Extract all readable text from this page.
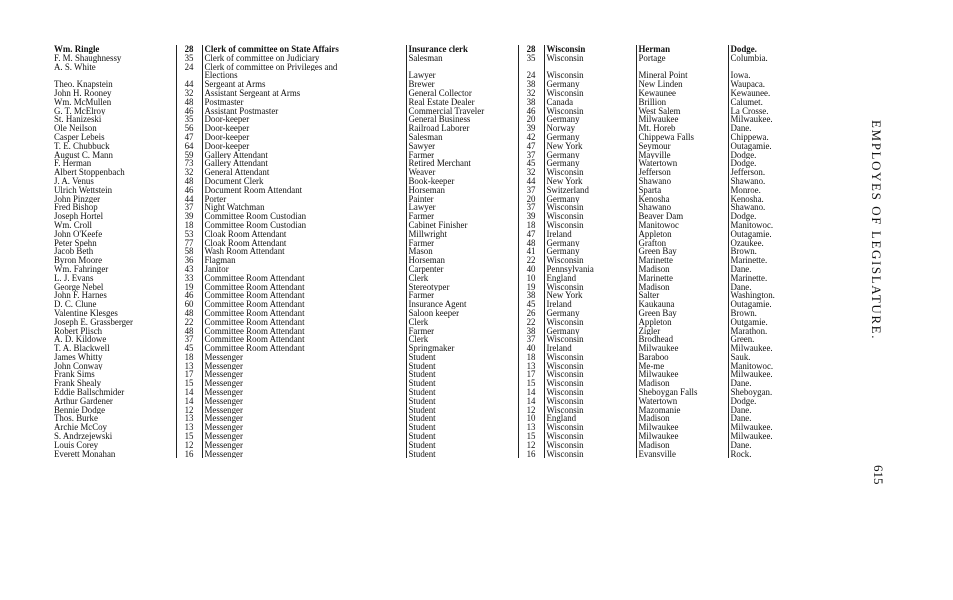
Wm. Ringle	28	Clerk of committee on State Affairs	Insurance clerk	28	Wisconsin	Herman	Dodge.
F. M. Shaughnessy	35	Clerk of committee on Judiciary	Salesman	35	Wisconsin	Portage	Columbia.
A. S. White	24	Clerk of committee on Privileges and					
		Elections	Lawyer	24	Wisconsin	Mineral Point	Iowa.
Theo. Knapstein	44	Sergeant at Arms	Brewer	38	Germany	New Linden	Waupaca.
John H. Rooney	32	Assistant Sergeant at Arms	General Collector	32	Wisconsin	Kewaunee	Kewaunee.
Wm. McMullen	48	Postmaster	Real Estate Dealer	38	Canada	Brillion	Calumet.
G. T. McElroy	46	Assistant Postmaster	Commercial Traveler	46	Wisconsin	West Salem	La Crosse.
St. Hanizeski	35	Door-keeper	General Business	20	Germany	Milwaukee	Milwaukee.
Ole Neilson	56	Door-keeper	Railroad Laborer	39	Norway	Mt. Horeb	Dane.
Casper Lebeis	47	Door-keeper	Salesman	42	Germany	Chippewa Falls	Chippewa.
T. E. Chubbuck	64	Door-keeper	Sawyer	47	New York	Seymour	Outagamie.
August C. Mann	59	Gallery Attendant	Farmer	37	Germany	Mayville	Dodge.
F. Herman	73	Gallery Attendant	Retired Merchant	45	Germany	Watertown	Dodge.
Albert Stoppenbach	32	General Attendant	Weaver	32	Wisconsin	Jefferson	Jefferson.
J. A. Venus	48	Document Clerk	Book-keeper	44	New York	Shawano	Shawano.
Ulrich Wettstein	46	Document Room Attendant	Horseman	37	Switzerland	Sparta	Monroe.
John Pinzger	44	Porter	Painter	20	Germany	Kenosha	Kenosha.
Fred Bishop	37	Night Watchman	Lawyer	37	Wisconsin	Shawano	Shawano.
Joseph Hortel	39	Committee Room Custodian	Farmer	39	Wisconsin	Beaver Dam	Dodge.
Wm. Croll	18	Committee Room Custodian	Cabinet Finisher	18	Wisconsin	Manitowoc	Manitowoc.
John O'Keefe	53	Cloak Room Attendant	Millwright	47	Ireland	Appleton	Outagamie.
Peter Spehn	77	Cloak Room Attendant	Farmer	48	Germany	Grafton	Ozaukee.
Jacob Beth	58	Wash Room Attendant	Mason	41	Germany	Green Bay	Brown.
Byron Moore	36	Flagman	Horseman	22	Wisconsin	Marinette	Marinette.
Wm. Fahringer	43	Janitor	Carpenter	40	Pennsylvania	Madison	Dane.
L. J. Evans	33	Committee Room Attendant	Clerk	10	England	Marinette	Marinette.
George Nebel	19	Committee Room Attendant	Stereotyper	19	Wisconsin	Madison	Dane.
John F. Harnes	46	Committee Room Attendant	Farmer	38	New York	Salter	Washington.
D. C. Clune	60	Committee Room Attendant	Insurance Agent	45	Ireland	Kaukauna	Outagamie.
Valentine Klesges	48	Committee Room Attendant	Saloon keeper	26	Germany	Green Bay	Brown.
Joseph E. Grassberger	22	Committee Room Attendant	Clerk	22	Wisconsin	Appleton	Outgamie.
Robert Plisch	48	Committee Room Attendant	Farmer	38	Germany	Zigler	Marathon.
A. D. Kildowe	37	Committee Room Attendant	Clerk	37	Wisconsin	Brodhead	Green.
T. A. Blackwell	45	Committee Room Attendant	Springmaker	40	Ireland	Milwaukee	Milwaukee.
James Whitty	18	Messenger	Student	18	Wisconsin	Baraboo	Sauk.
John Conway	13	Messenger	Student	13	Wisconsin	Me-me	Manitowoc.
Frank Sims	17	Messenger	Student	17	Wisconsin	Milwaukee	Milwaukee.
Frank Shealy	15	Messenger	Student	15	Wisconsin	Madison	Dane.
Eddie Ballschmider	14	Messenger	Student	14	Wisconsin	Sheboygan Falls	Sheboygan.
Arthur Gardener	14	Messenger	Student	14	Wisconsin	Watertown	Dodge.
Bennie Dodge	12	Messenger	Student	12	Wisconsin	Mazomanie	Dane.
Thos. Burke	13	Messenger	Student	10	England	Madison	Dane.
Archie McCoy	13	Messenger	Student	13	Wisconsin	Milwaukee	Milwaukee.
S. Andrzejewski	15	Messenger	Student	15	Wisconsin	Milwaukee	Milwaukee.
Louis Corey	12	Messenger	Student	12	Wisconsin	Madison	Dane.
Everett Monahan	16	Messenger	Student	16	Wisconsin	Evansville	Rock.
EMPLOYES OF LEGISLATURE.
615
